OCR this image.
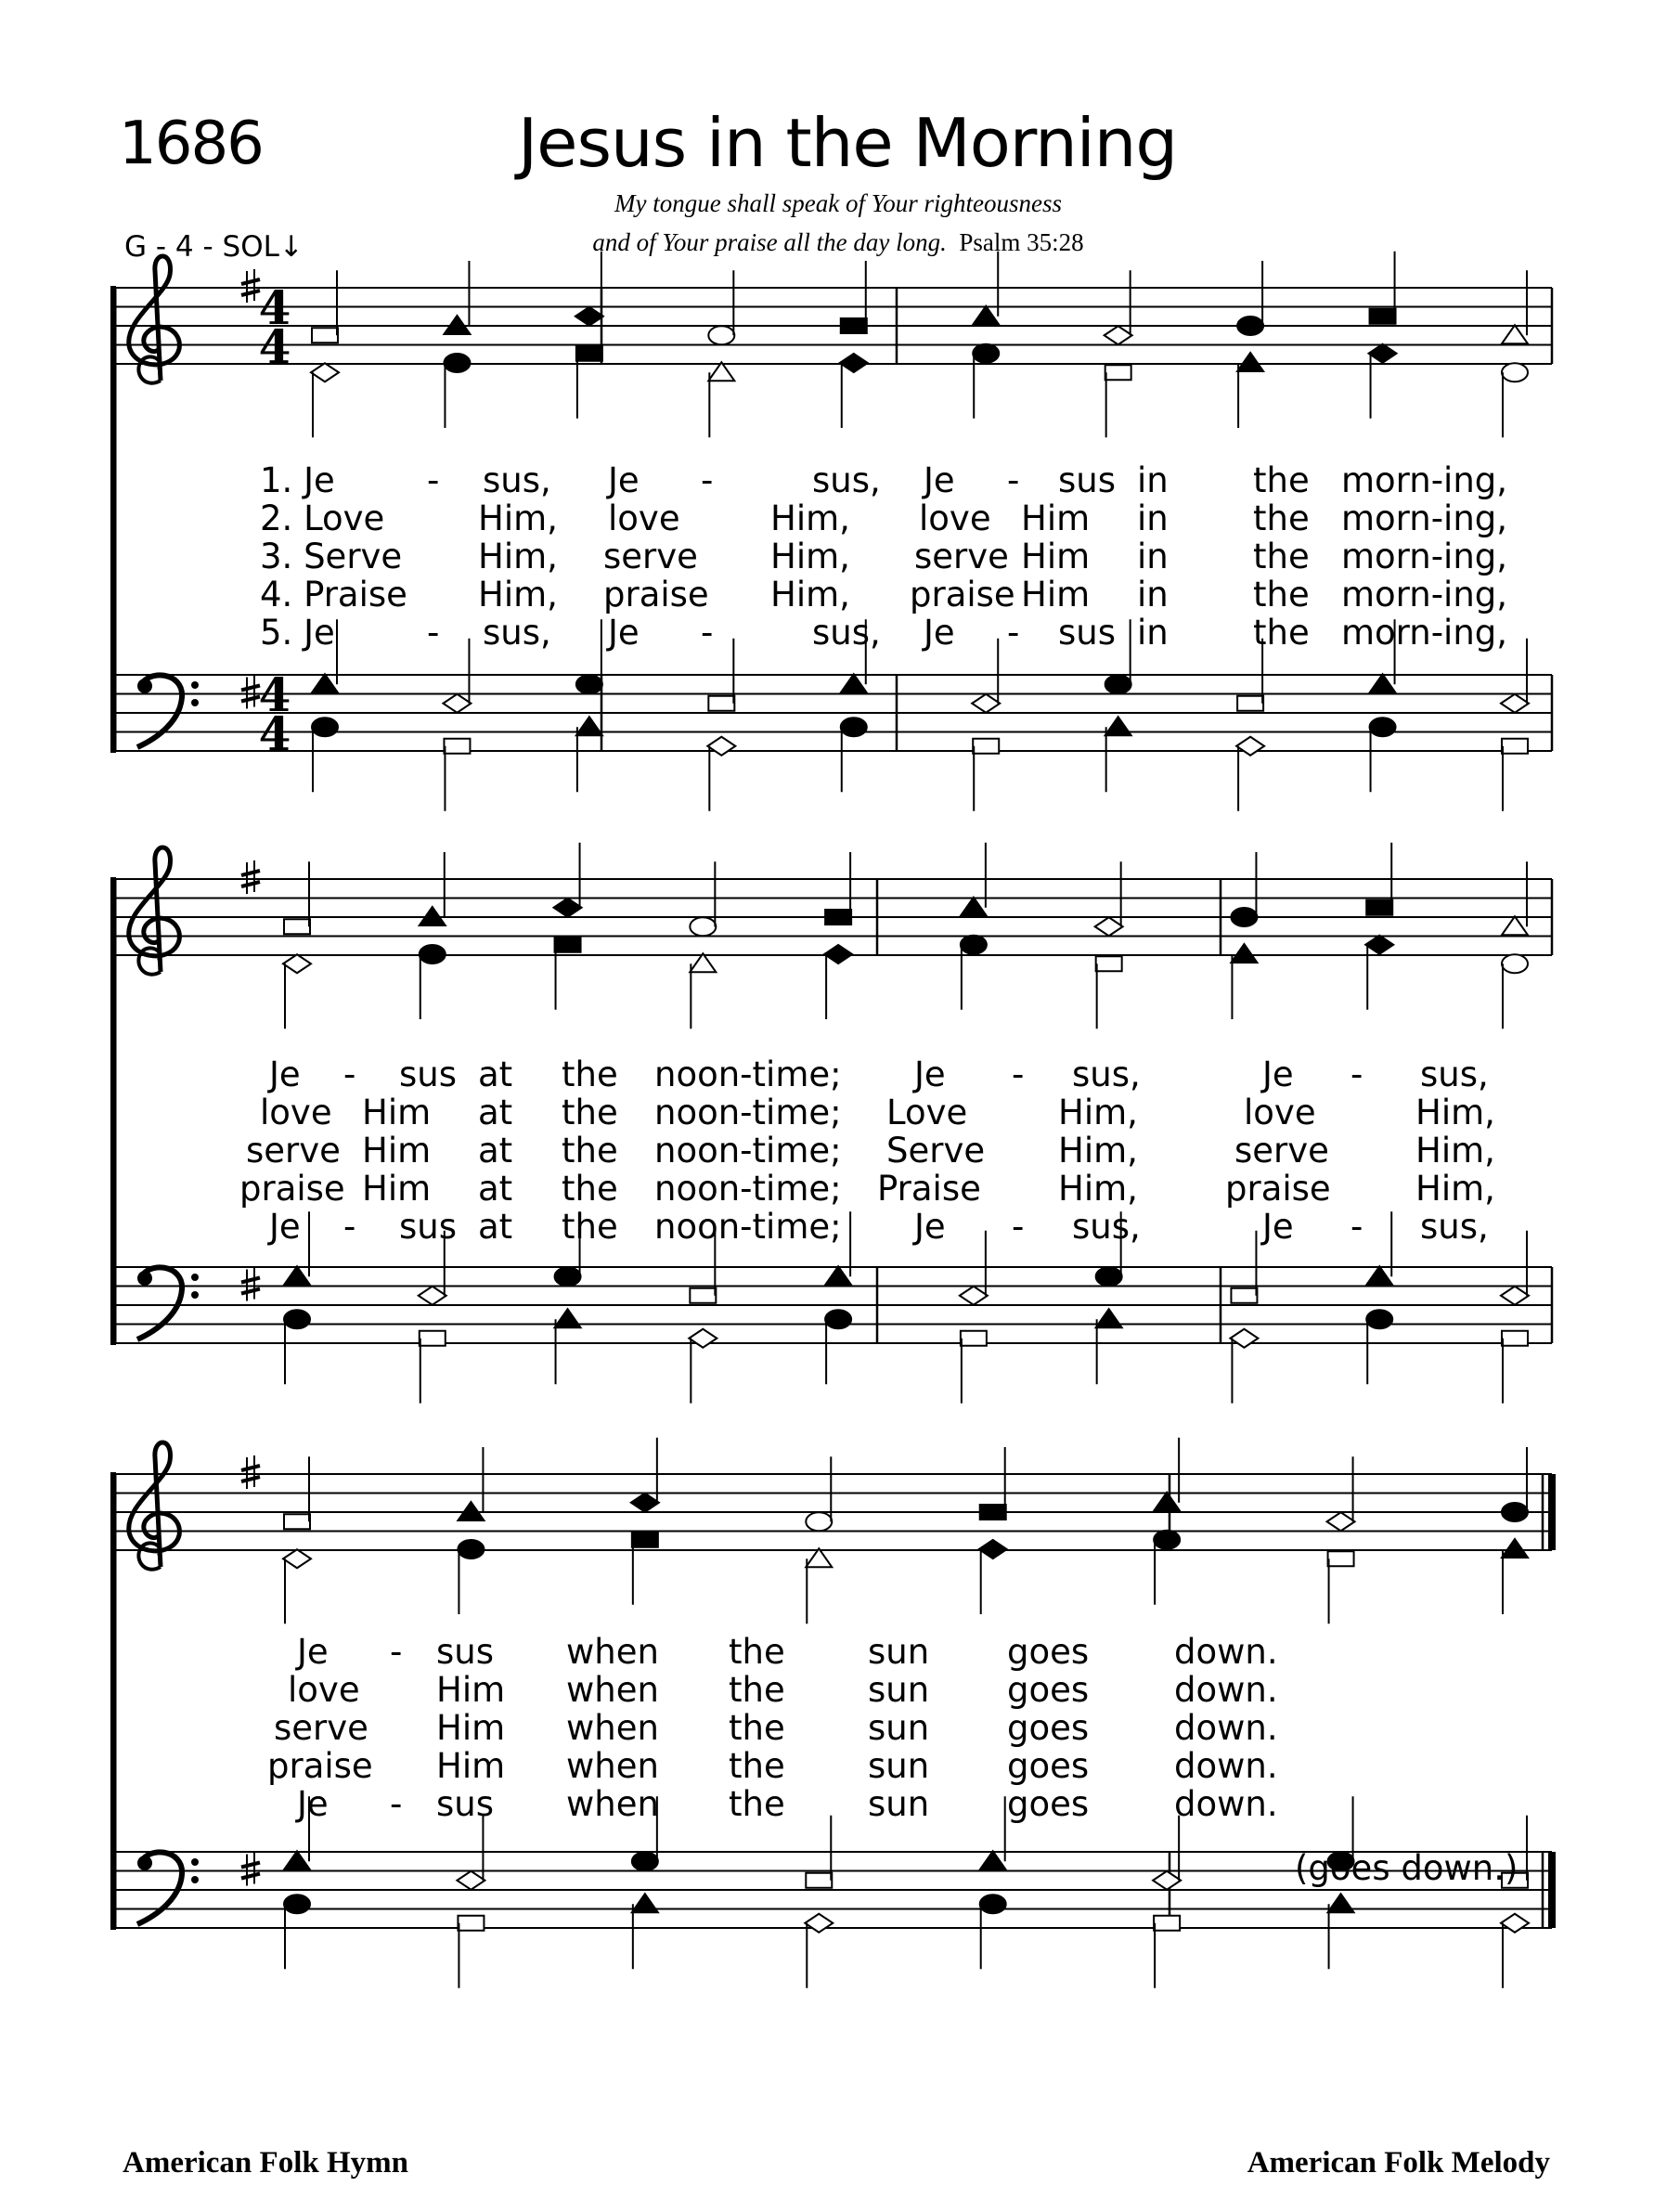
1686	Jesus in the Morning
My tongue shall speak of Your righteousness
and of Your praise all the day long. Psalm 35:28
G - 4 - SOL↓
4
4
4
4
1. Je	- sus, Je -	sus, Je - sus in the morn-ing,
2. Love	Him, love	Him, love Him in the morn-ing,
3. Serve Him, serve Him, serve Him in the morn-ing,
4. Praise Him, praise Him, praise Him in the morn-ing,
5. Je	- sus, Je -	sus, Je - sus in the morn-ing,
Je - sus at the noon-time; Je - sus,	Je - sus,
love Him at the noon-time; Love	Him,	love	Him,
serve Him at the noon-time; Serve Him,	serve	Him,
praise Him at the noon-time; Praise Him,	praise Him,
Je - sus at the noon-time; Je - sus,	Je - sus,
Je - sus when the sun goes down.
love Him when the sun goes down.
serve Him when the sun goes down.
praise Him when the sun goes down.
Je - sus when the sun goes down.
(goes down.)
American Folk Hymn	American Folk Melody
